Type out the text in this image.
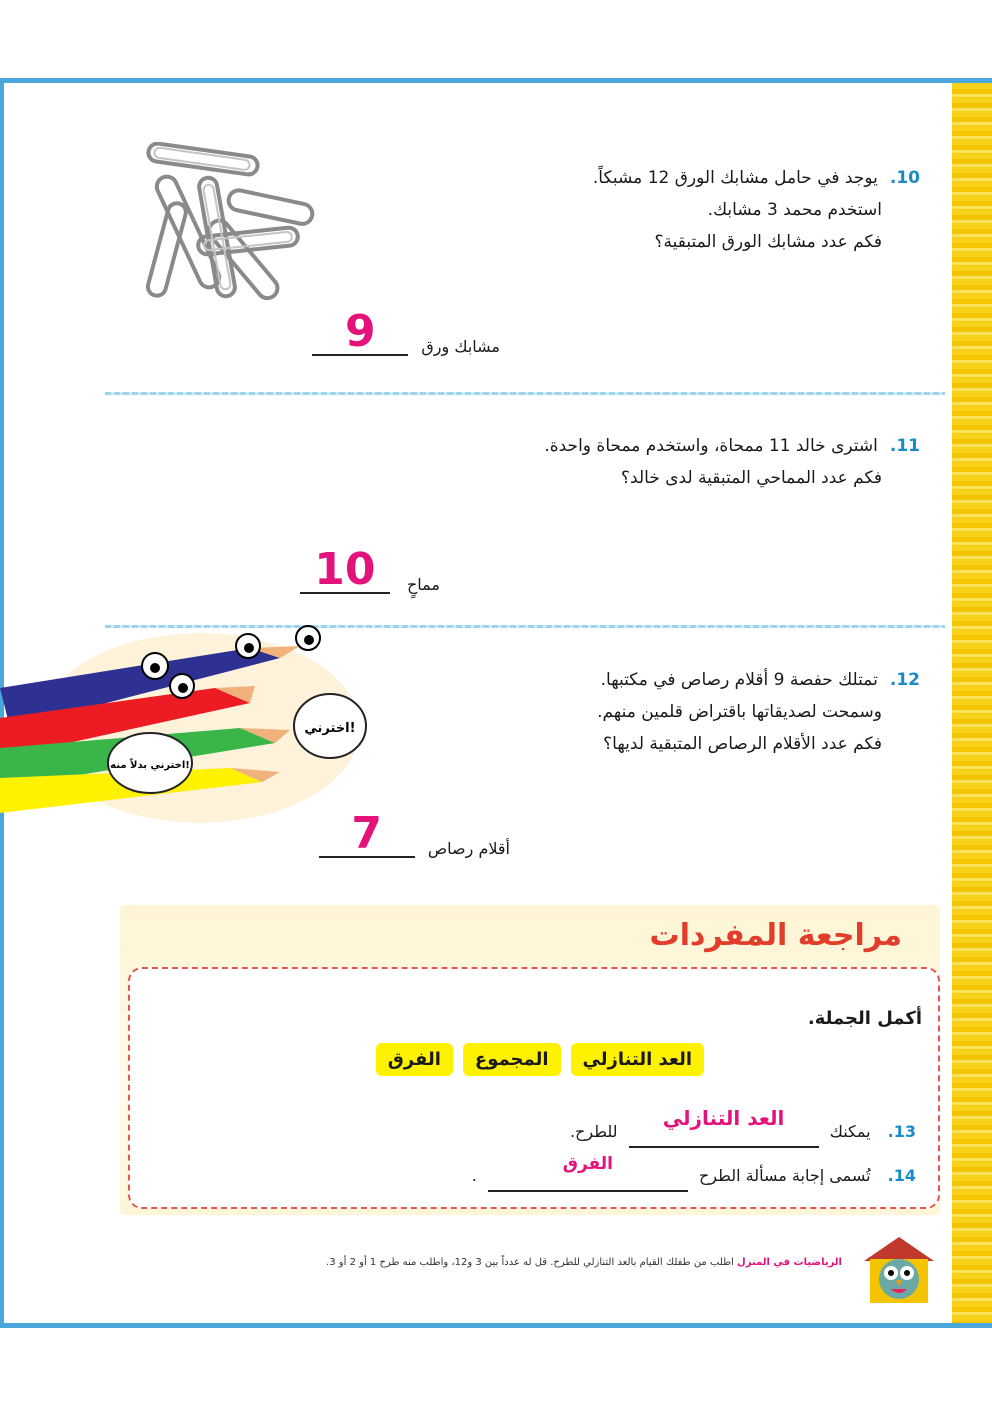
10.يوجد في حامل مشابك الورق 12 مشبكاً.
استخدم محمد 3 مشابك.
فكم عدد مشابك الورق المتبقية؟
مشابك ورق 9
11.اشترى خالد 11 ممحاة، واستخدم ممحاة واحدة.
فكم عدد المماحي المتبقية لدى خالد؟
مماحٍ 10
اخترني!
اخترني بدلاً منه!
12.تمتلك حفصة 9 أقلام رصاص في مكتبها.
وسمحت لصديقاتها باقتراض قلمين منهم.
فكم عدد الأقلام الرصاص المتبقية لديها؟
أقلام رصاص 7
مراجعة المفردات
أكمل الجملة.
العد التنازلي
المجموع
الفرق
13. يمكنك العد التنازلي للطرح.
14. تُسمى إجابة مسألة الطرح الفرق .
الرياضيات في المنزل اطلب من طفلك القيام بالعد التنازلي للطرح. قل له عدداً بين 3 و12، واطلب منه طرح 1 أو 2 أو 3.
